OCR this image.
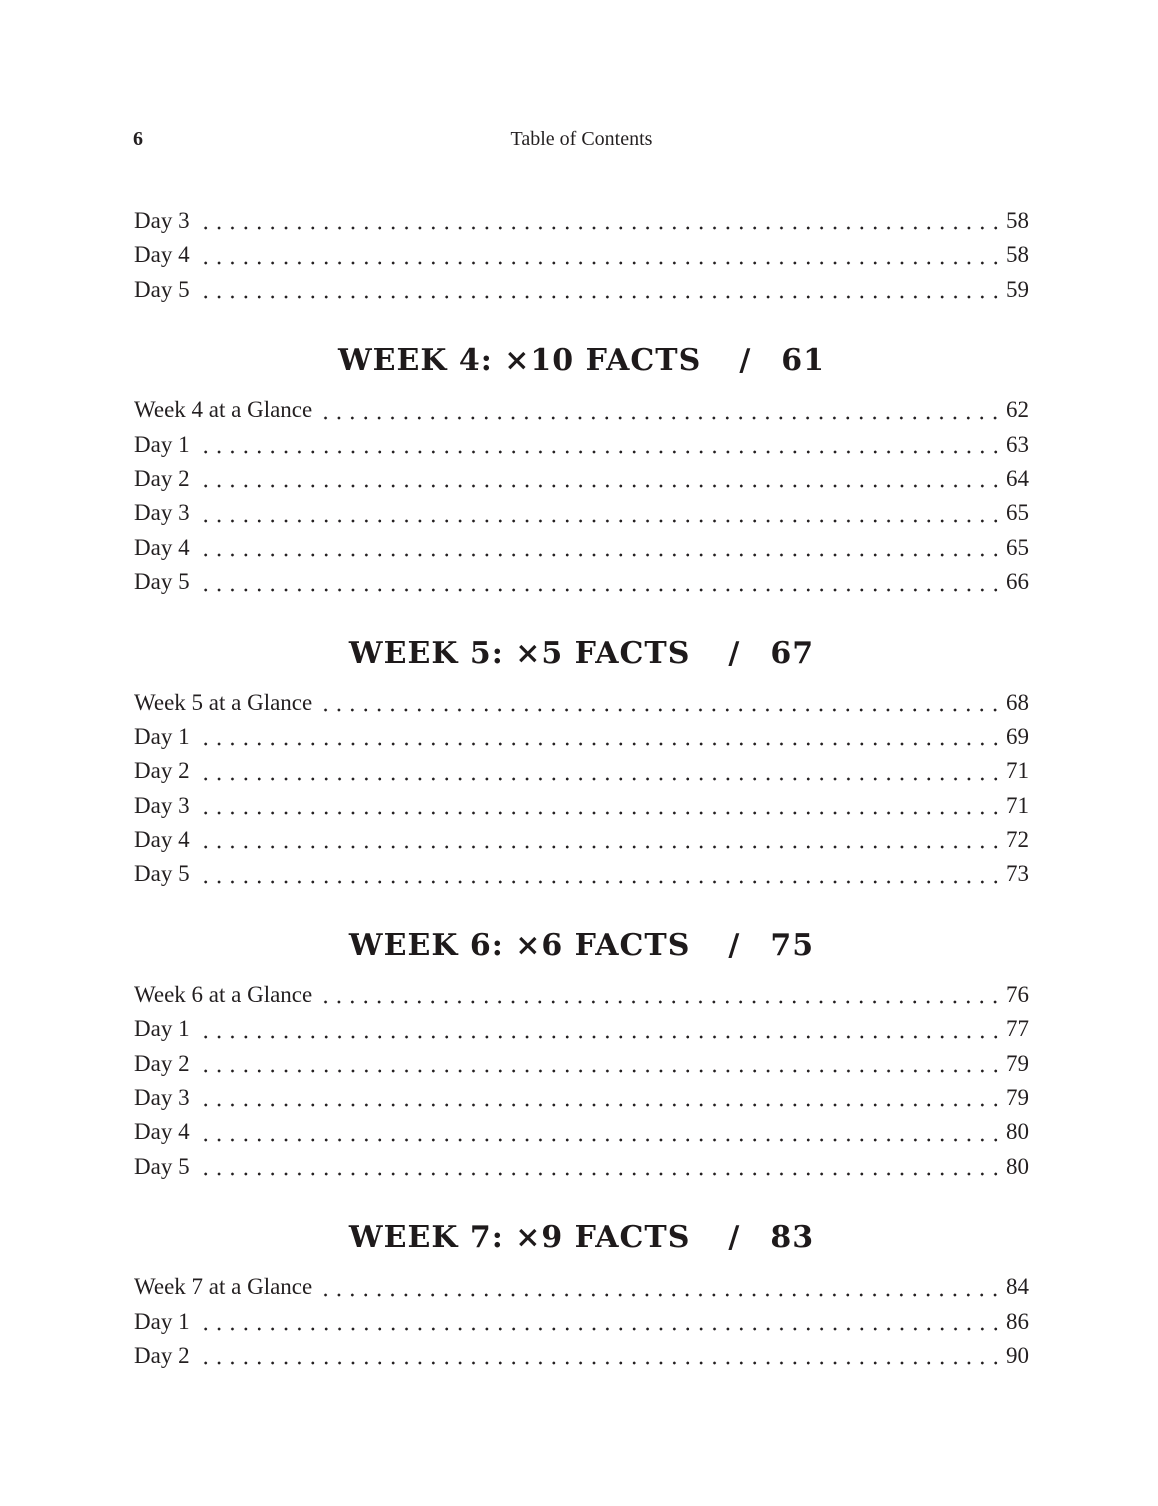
6	Table of Contents
Day 3	58
Day 4	58
Day 5	59
WEEK 4: ×10 FACTS / 61
Week 4 at a Glance	62
Day 1	63
Day 2	64
Day 3	65
Day 4	65
Day 5	66
WEEK 5: ×5 FACTS / 67
Week 5 at a Glance	68
Day 1	69
Day 2	71
Day 3	71
Day 4	72
Day 5	73
WEEK 6: ×6 FACTS / 75
Week 6 at a Glance	76
Day 1	77
Day 2	79
Day 3	79
Day 4	80
Day 5	80
WEEK 7: ×9 FACTS / 83
Week 7 at a Glance	84
Day 1	86
Day 2	90
